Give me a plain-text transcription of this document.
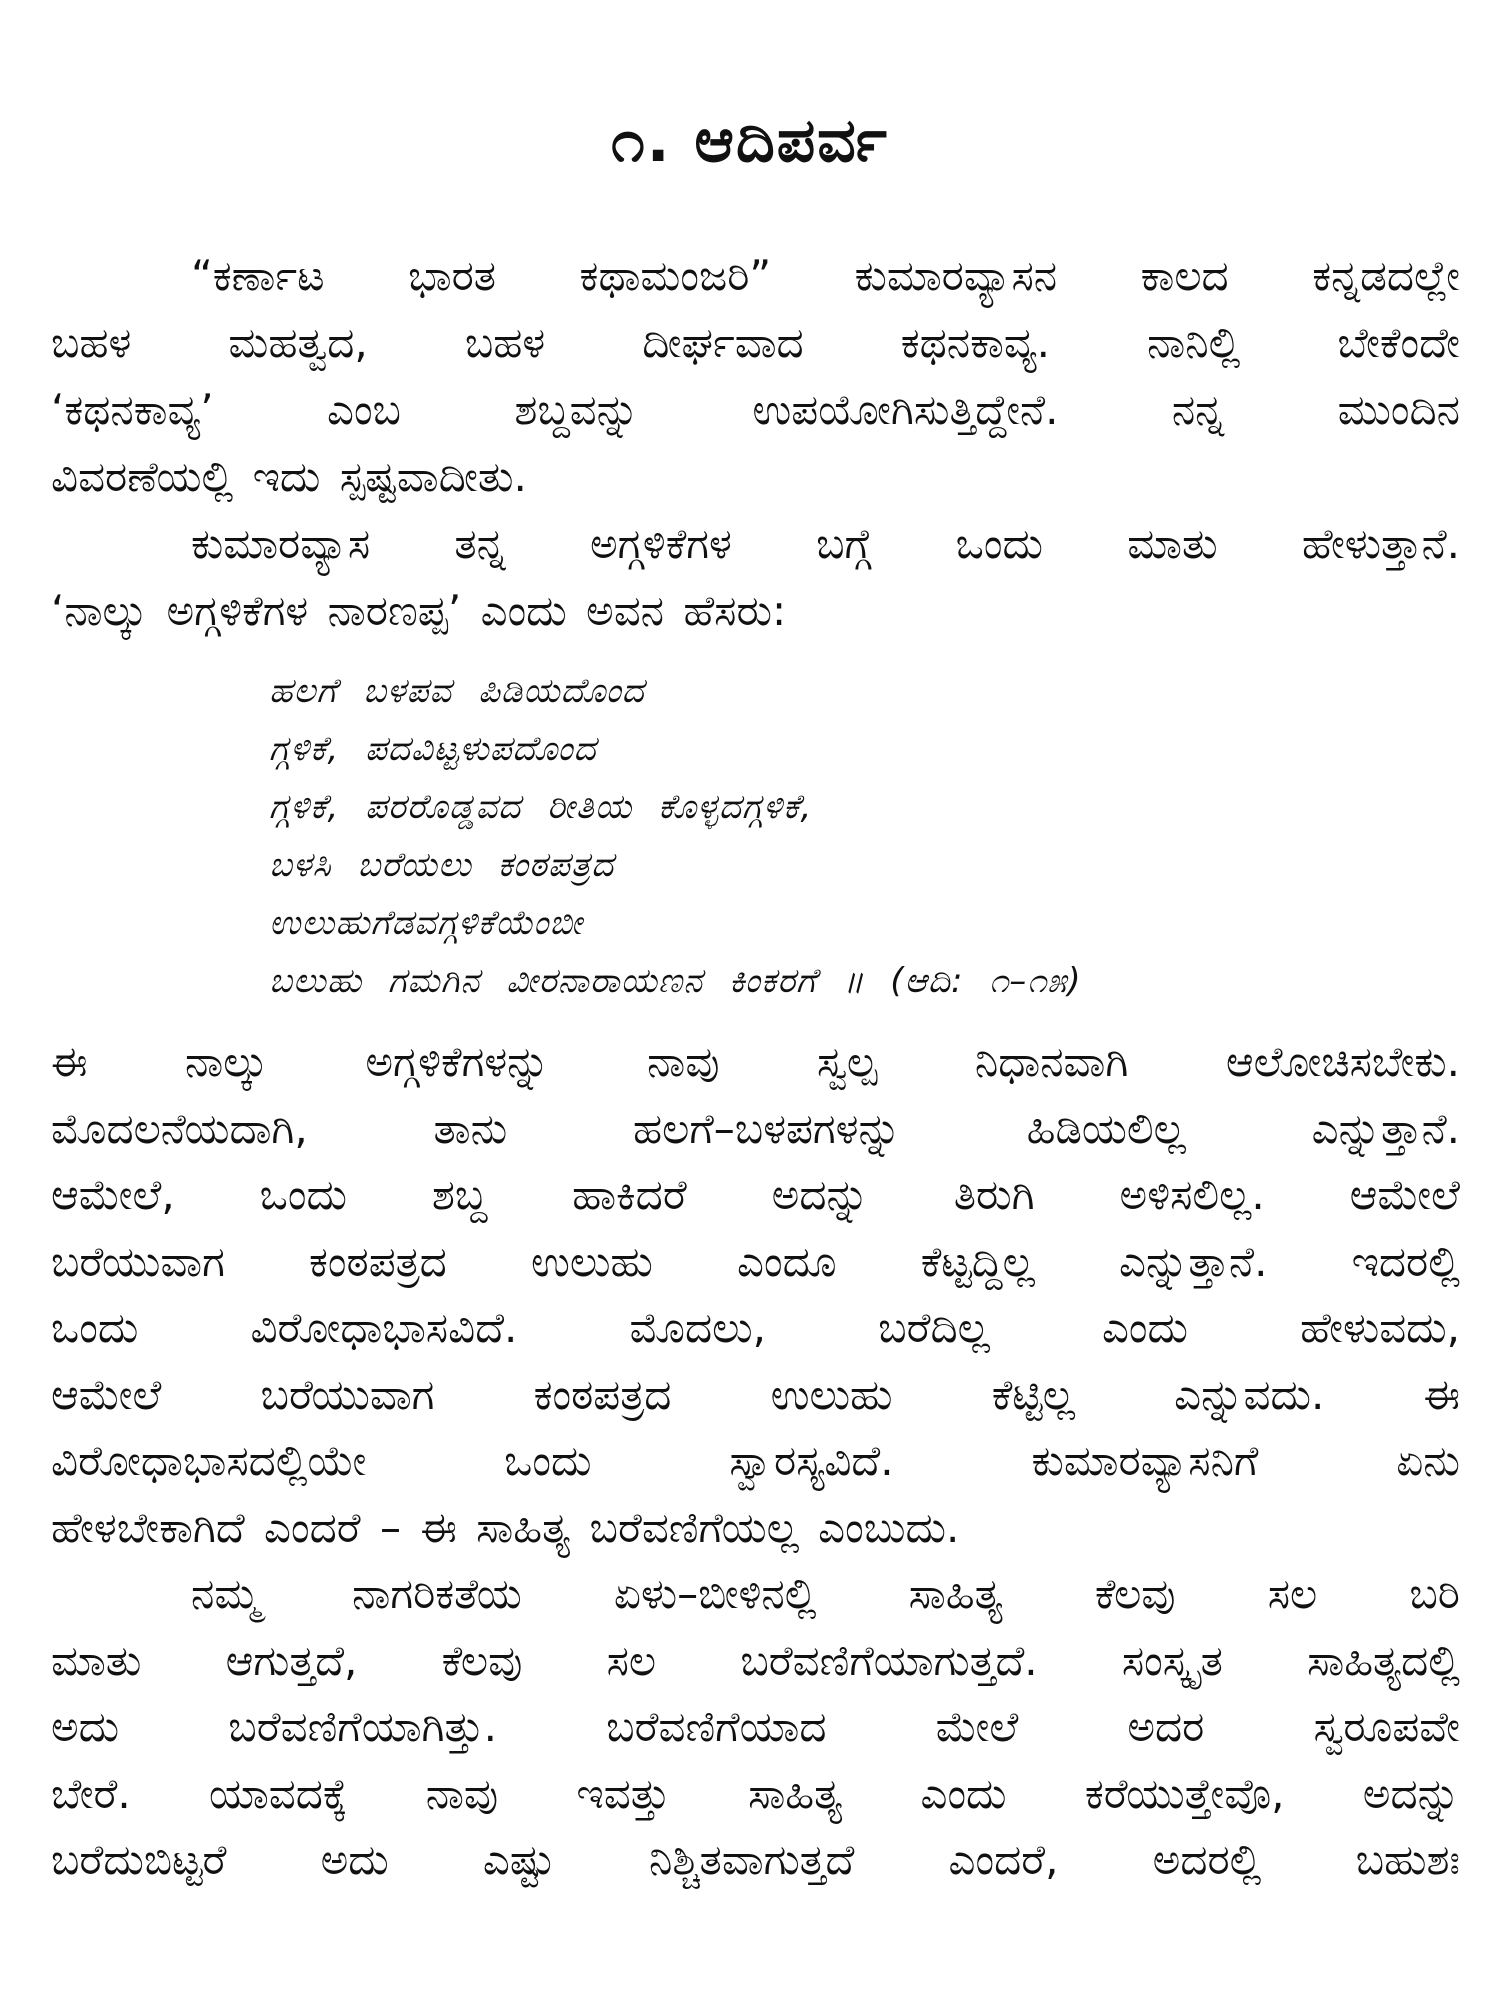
೧. ಆದಿಪರ್ವ
“ಕರ್ಣಾಟ ಭಾರತ ಕಥಾಮಂಜರಿ” ಕುಮಾರವ್ಯಾಸನ ಕಾಲದ ಕನ್ನಡದಲ್ಲೇ
ಬಹಳ ಮಹತ್ವದ, ಬಹಳ ದೀರ್ಘವಾದ ಕಥನಕಾವ್ಯ. ನಾನಿಲ್ಲಿ ಬೇಕೆಂದೇ
‘ಕಥನಕಾವ್ಯ’ ಎಂಬ ಶಬ್ದವನ್ನು ಉಪಯೋಗಿಸುತ್ತಿದ್ದೇನೆ. ನನ್ನ ಮುಂದಿನ
ವಿವರಣೆಯಲ್ಲಿ ಇದು ಸ್ಪಷ್ಟವಾದೀತು.
ಕುಮಾರವ್ಯಾಸ ತನ್ನ ಅಗ್ಗಳಿಕೆಗಳ ಬಗ್ಗೆ ಒಂದು ಮಾತು ಹೇಳುತ್ತಾನೆ.
‘ನಾಲ್ಕು ಅಗ್ಗಳಿಕೆಗಳ ನಾರಣಪ್ಪ’ ಎಂದು ಅವನ ಹೆಸರು:
ಹಲಗೆ ಬಳಪವ ಪಿಡಿಯದೊಂದ
ಗ್ಗಳಿಕೆ, ಪದವಿಟ್ಟಳುಪದೊಂದ
ಗ್ಗಳಿಕೆ, ಪರರೊಡ್ಡವದ ರೀತಿಯ ಕೊಳ್ಳದಗ್ಗಳಿಕೆ,
ಬಳಸಿ ಬರೆಯಲು ಕಂಠಪತ್ರದ
ಉಲುಹುಗೆಡವಗ್ಗಳಿಕೆಯೆಂಬೀ
ಬಲುಹು ಗಮಗಿನ ವೀರನಾರಾಯಣನ ಕಿಂಕರಗೆ ॥ (ಆದಿ: ೧–೧೫)
ಈ ನಾಲ್ಕು ಅಗ್ಗಳಿಕೆಗಳನ್ನು ನಾವು ಸ್ವಲ್ಪ ನಿಧಾನವಾಗಿ ಆಲೋಚಿಸಬೇಕು.
ಮೊದಲನೆಯದಾಗಿ, ತಾನು ಹಲಗೆ–ಬಳಪಗಳನ್ನು ಹಿಡಿಯಲಿಲ್ಲ ಎನ್ನುತ್ತಾನೆ.
ಆಮೇಲೆ, ಒಂದು ಶಬ್ದ ಹಾಕಿದರೆ ಅದನ್ನು ತಿರುಗಿ ಅಳಿಸಲಿಲ್ಲ. ಆಮೇಲೆ
ಬರೆಯುವಾಗ ಕಂಠಪತ್ರದ ಉಲುಹು ಎಂದೂ ಕೆಟ್ಟದ್ದಿಲ್ಲ ಎನ್ನುತ್ತಾನೆ. ಇದರಲ್ಲಿ
ಒಂದು ವಿರೋಧಾಭಾಸವಿದೆ. ಮೊದಲು, ಬರೆದಿಲ್ಲ ಎಂದು ಹೇಳುವದು,
ಆಮೇಲೆ ಬರೆಯುವಾಗ ಕಂಠಪತ್ರದ ಉಲುಹು ಕೆಟ್ಟಿಲ್ಲ ಎನ್ನುವದು. ಈ
ವಿರೋಧಾಭಾಸದಲ್ಲಿಯೇ ಒಂದು ಸ್ವಾರಸ್ಯವಿದೆ. ಕುಮಾರವ್ಯಾಸನಿಗೆ ಏನು
ಹೇಳಬೇಕಾಗಿದೆ ಎಂದರೆ – ಈ ಸಾಹಿತ್ಯ ಬರೆವಣಿಗೆಯಲ್ಲ ಎಂಬುದು.
ನಮ್ಮ ನಾಗರಿಕತೆಯ ಏಳು–ಬೀಳಿನಲ್ಲಿ ಸಾಹಿತ್ಯ ಕೆಲವು ಸಲ ಬರಿ
ಮಾತು ಆಗುತ್ತದೆ, ಕೆಲವು ಸಲ ಬರೆವಣಿಗೆಯಾಗುತ್ತದೆ. ಸಂಸ್ಕೃತ ಸಾಹಿತ್ಯದಲ್ಲಿ
ಅದು ಬರೆವಣಿಗೆಯಾಗಿತ್ತು. ಬರೆವಣಿಗೆಯಾದ ಮೇಲೆ ಅದರ ಸ್ವರೂಪವೇ
ಬೇರೆ. ಯಾವದಕ್ಕೆ ನಾವು ಇವತ್ತು ಸಾಹಿತ್ಯ ಎಂದು ಕರೆಯುತ್ತೇವೊ, ಅದನ್ನು
ಬರೆದುಬಿಟ್ಟರೆ ಅದು ಎಷ್ಟು ನಿಶ್ಚಿತವಾಗುತ್ತದೆ ಎಂದರೆ, ಅದರಲ್ಲಿ ಬಹುಶಃ
